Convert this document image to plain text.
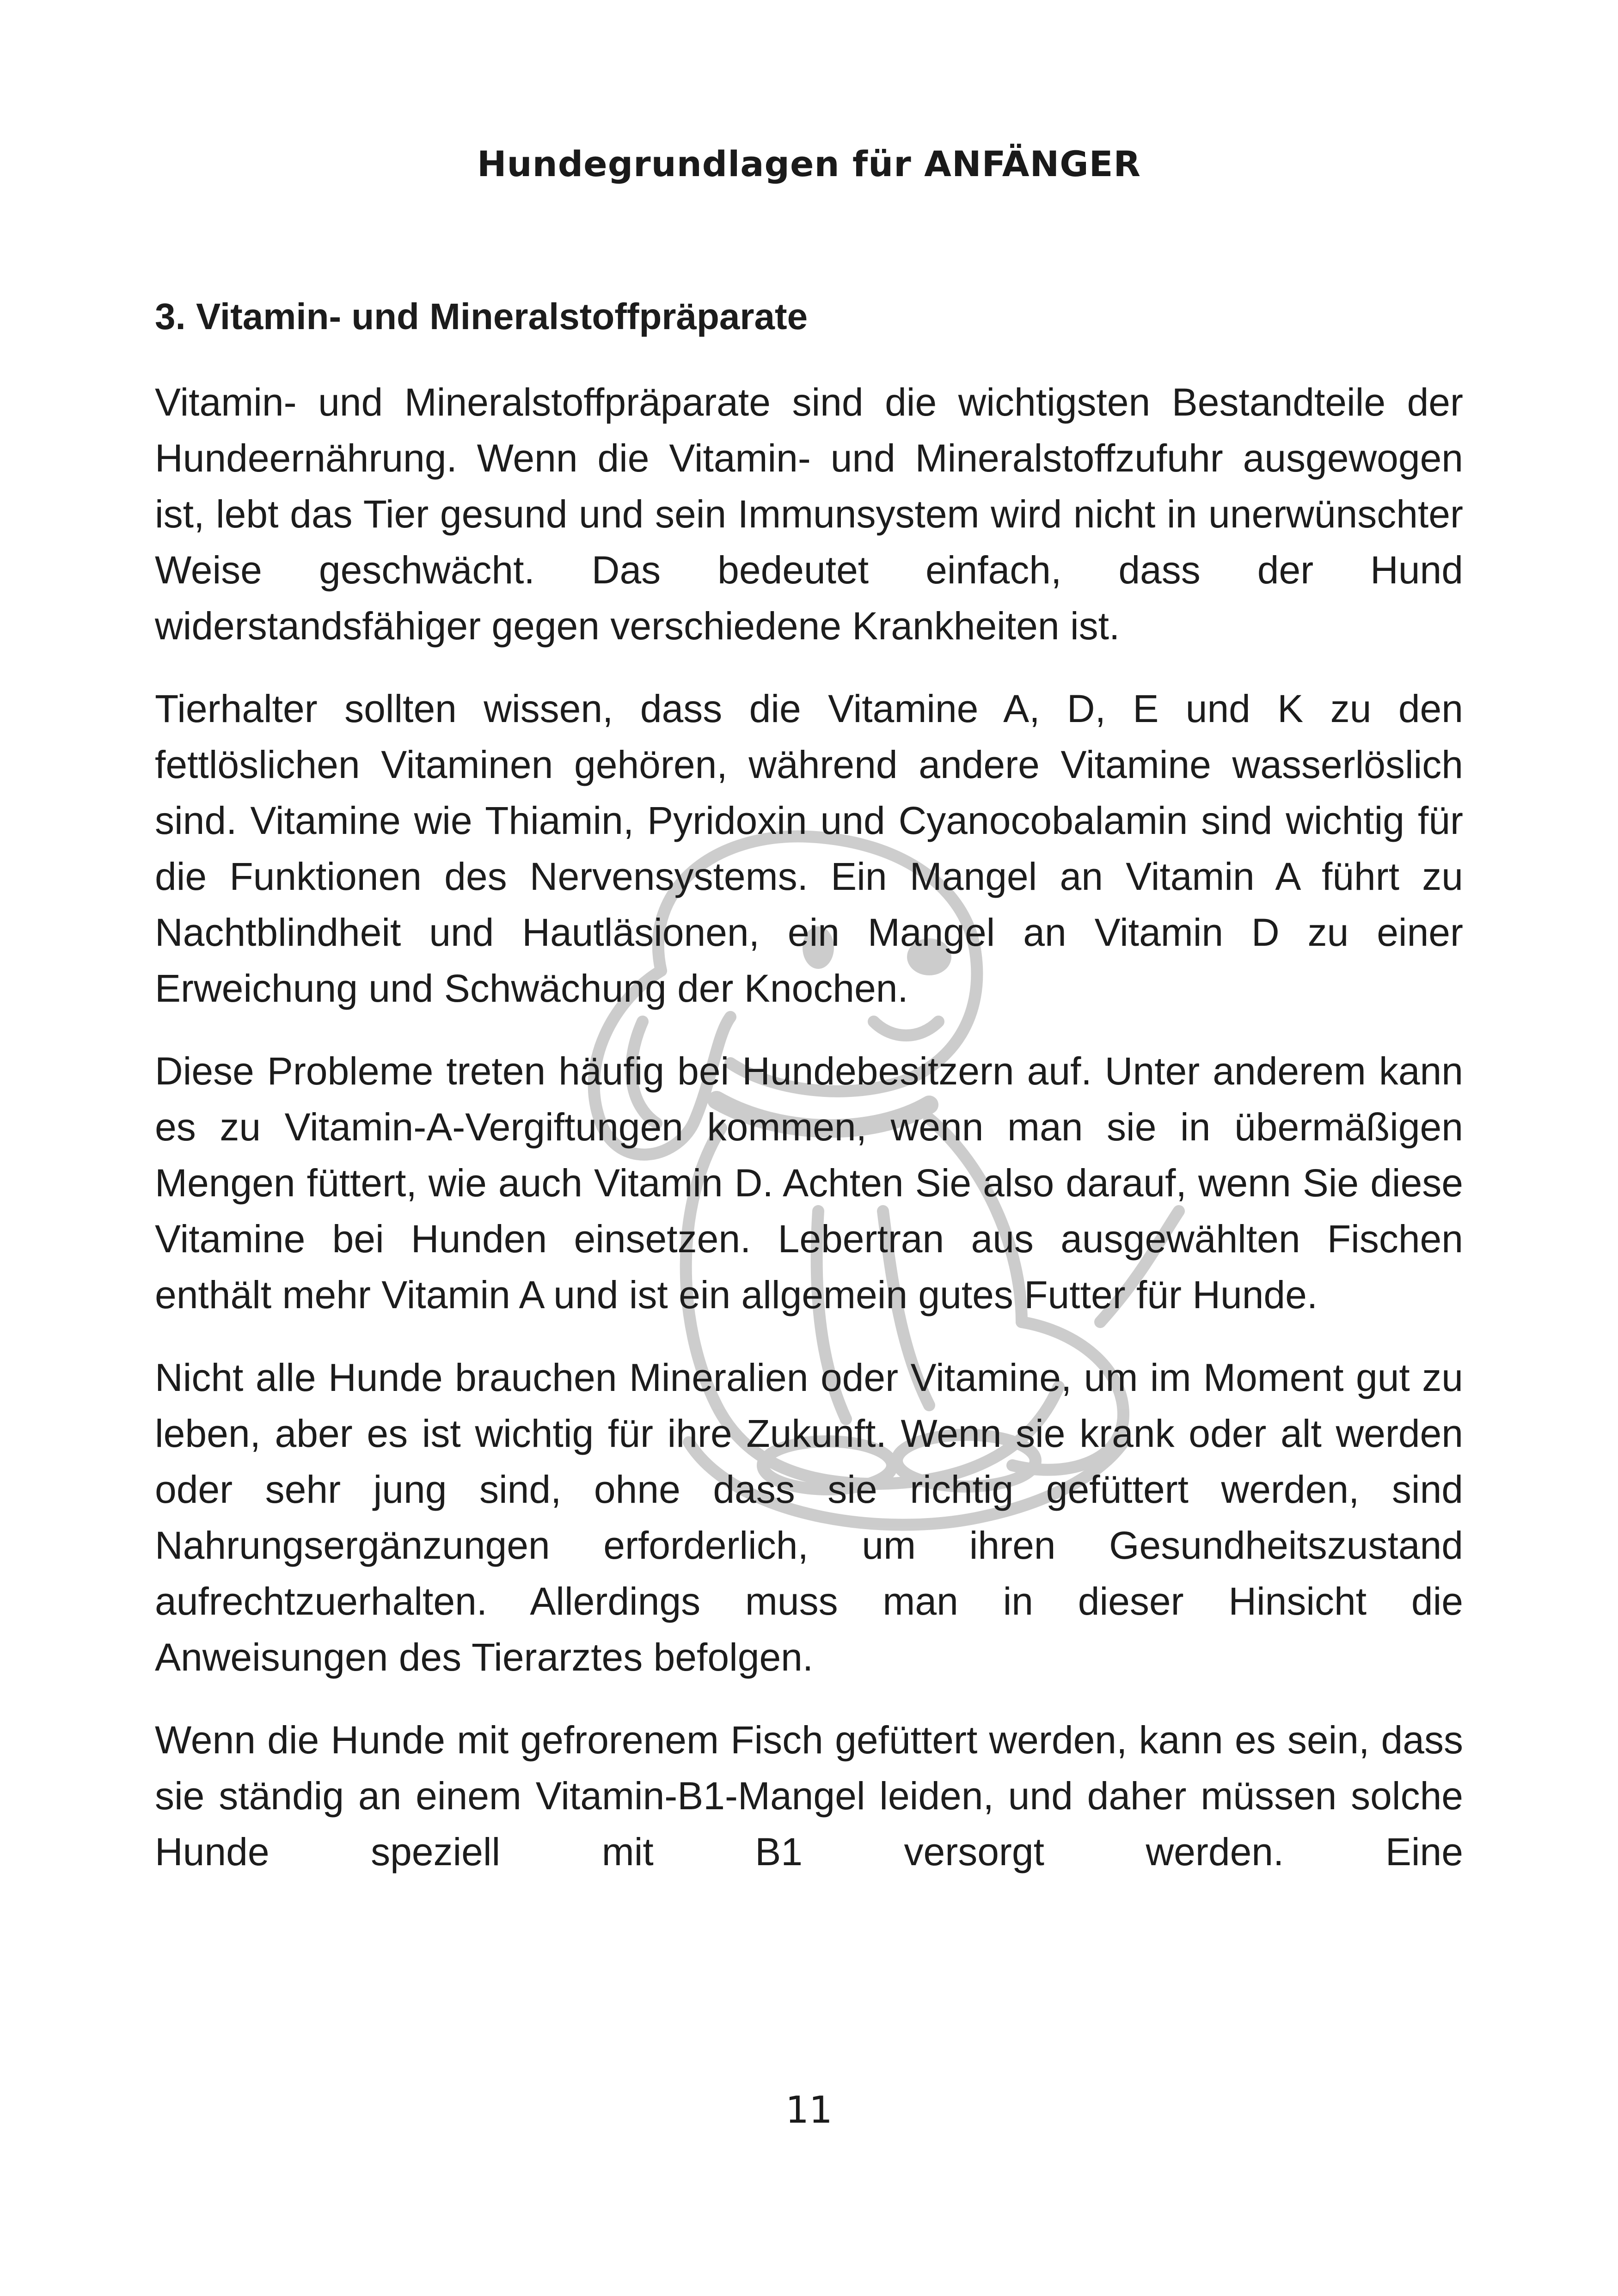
Hundegrundlagen für ANFÄNGER
3. Vitamin- und Mineralstoffpräparate

Vitamin- und Mineralstoffpräparate sind die wichtigsten Bestandteile der Hundeernährung. Wenn die Vitamin- und Mineralstoffzufuhr ausgewogen ist, lebt das Tier gesund und sein Immunsystem wird nicht in unerwünschter Weise geschwächt. Das bedeutet einfach, dass der Hund widerstandsfähiger gegen verschiedene Krankheiten ist.

Tierhalter sollten wissen, dass die Vitamine A, D, E und K zu den fettlöslichen Vitaminen gehören, während andere Vitamine wasserlöslich sind. Vitamine wie Thiamin, Pyridoxin und Cyanocobalamin sind wichtig für die Funktionen des Nervensystems. Ein Mangel an Vitamin A führt zu Nachtblindheit und Hautläsionen, ein Mangel an Vitamin D zu einer Erweichung und Schwächung der Knochen.

Diese Probleme treten häufig bei Hundebesitzern auf. Unter anderem kann es zu Vitamin-A-Vergiftungen kommen, wenn man sie in übermäßigen Mengen füttert, wie auch Vitamin D. Achten Sie also darauf, wenn Sie diese Vitamine bei Hunden einsetzen. Lebertran aus ausgewählten Fischen enthält mehr Vitamin A und ist ein allgemein gutes Futter für Hunde.

Nicht alle Hunde brauchen Mineralien oder Vitamine, um im Moment gut zu leben, aber es ist wichtig für ihre Zukunft. Wenn sie krank oder alt werden oder sehr jung sind, ohne dass sie richtig gefüttert werden, sind Nahrungsergänzungen erforderlich, um ihren Gesundheitszustand aufrechtzuerhalten. Allerdings muss man in dieser Hinsicht die Anweisungen des Tierarztes befolgen.

Wenn die Hunde mit gefrorenem Fisch gefüttert werden, kann es sein, dass sie ständig an einem Vitamin-B1-Mangel leiden, und daher müssen solche Hunde speziell mit B1 versorgt werden. Eine

11
